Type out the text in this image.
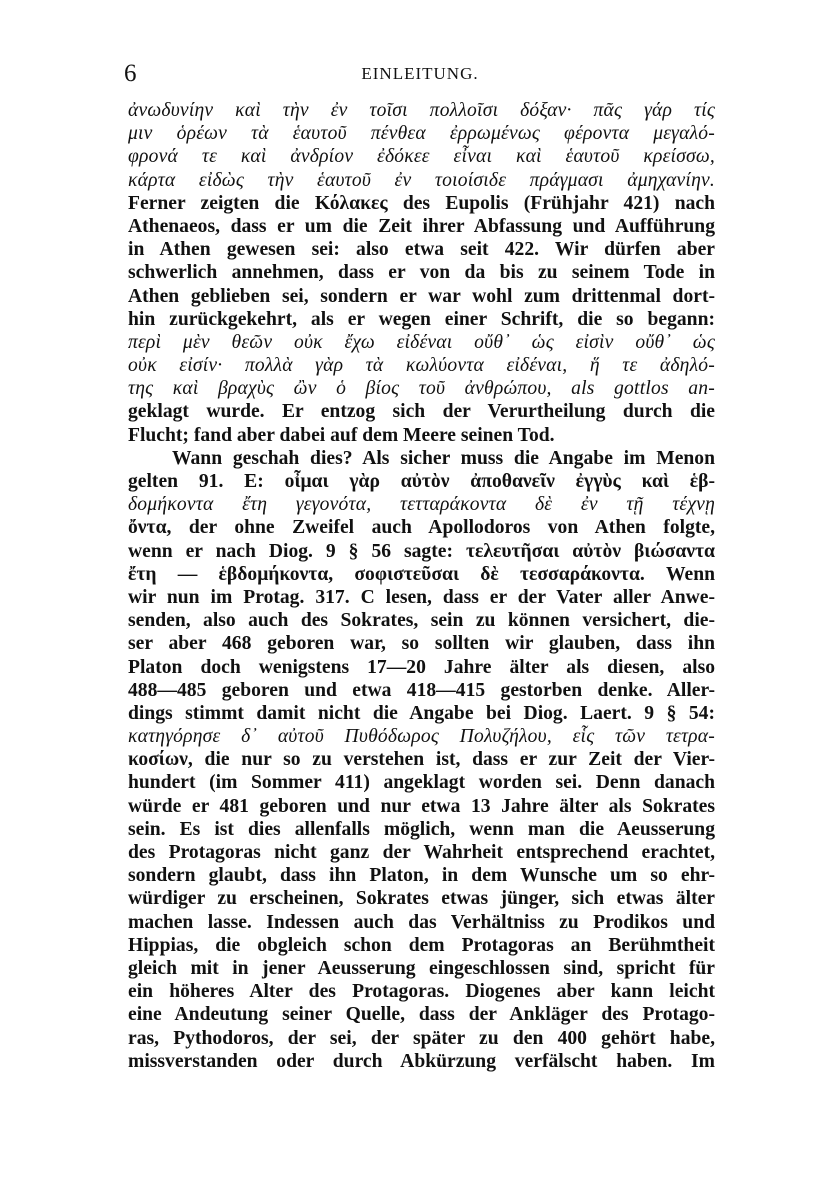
6	EINLEITUNG.
ἀνωδυνίην καὶ τὴν ἐν τοῖσι πολλοῖσι δόξαν· πᾶς γάρ τίς
μιν ὁρέων τὰ ἑαυτοῦ πένθεα ἐρρωμένως φέροντα μεγαλό-
φρονά τε καὶ ἀνδρίον ἐδόκεε εἶναι καὶ ἑαυτοῦ κρείσσω,
κάρτα εἰδὼς τὴν ἑαυτοῦ ἐν τοιοίσιδε πράγμασι ἀμηχανίην.
Ferner zeigten die Κόλακες des Eupolis (Frühjahr 421) nach
Athenaeos, dass er um die Zeit ihrer Abfassung und Aufführung
in Athen gewesen sei: also etwa seit 422. Wir dürfen aber
schwerlich annehmen, dass er von da bis zu seinem Tode in
Athen geblieben sei, sondern er war wohl zum drittenmal dort-
hin zurückgekehrt, als er wegen einer Schrift, die so begann:
περὶ μὲν θεῶν οὐκ ἔχω εἰδέναι οὔθ᾽ ὡς εἰσὶν οὔθ᾽ ὡς
οὐκ εἰσίν· πολλὰ γὰρ τὰ κωλύοντα εἰδέναι, ἥ τε ἀδηλό-
της καὶ βραχὺς ὢν ὁ βίος τοῦ ἀνθρώπου, als gottlos an-
geklagt wurde. Er entzog sich der Verurtheilung durch die
Flucht; fand aber dabei auf dem Meere seinen Tod.
Wann geschah dies? Als sicher muss die Angabe im Menon
gelten 91. E: οἶμαι γὰρ αὐτὸν ἀποθανεῖν ἐγγὺς καὶ ἑβ-
δομήκοντα ἔτη γεγονότα, τετταράκοντα δὲ ἐν τῇ τέχνῃ
ὄντα, der ohne Zweifel auch Apollodoros von Athen folgte,
wenn er nach Diog. 9 § 56 sagte: τελευτῆσαι αὐτὸν βιώσαντα
ἔτη — ἑβδομήκοντα, σοφιστεῦσαι δὲ τεσσαράκοντα. Wenn
wir nun im Protag. 317. C lesen, dass er der Vater aller Anwe-
senden, also auch des Sokrates, sein zu können versichert, die-
ser aber 468 geboren war, so sollten wir glauben, dass ihn
Platon doch wenigstens 17—20 Jahre älter als diesen, also
488—485 geboren und etwa 418—415 gestorben denke. Aller-
dings stimmt damit nicht die Angabe bei Diog. Laert. 9 § 54:
κατηγόρησε δ᾽ αὐτοῦ Πυθόδωρος Πολυζήλου, εἷς τῶν τετρα-
κοσίων, die nur so zu verstehen ist, dass er zur Zeit der Vier-
hundert (im Sommer 411) angeklagt worden sei. Denn danach
würde er 481 geboren und nur etwa 13 Jahre älter als Sokrates
sein. Es ist dies allenfalls möglich, wenn man die Aeusserung
des Protagoras nicht ganz der Wahrheit entsprechend erachtet,
sondern glaubt, dass ihn Platon, in dem Wunsche um so ehr-
würdiger zu erscheinen, Sokrates etwas jünger, sich etwas älter
machen lasse. Indessen auch das Verhältniss zu Prodikos und
Hippias, die obgleich schon dem Protagoras an Berühmtheit
gleich mit in jener Aeusserung eingeschlossen sind, spricht für
ein höheres Alter des Protagoras. Diogenes aber kann leicht
eine Andeutung seiner Quelle, dass der Ankläger des Protago-
ras, Pythodoros, der sei, der später zu den 400 gehört habe,
missverstanden oder durch Abkürzung verfälscht haben. Im
